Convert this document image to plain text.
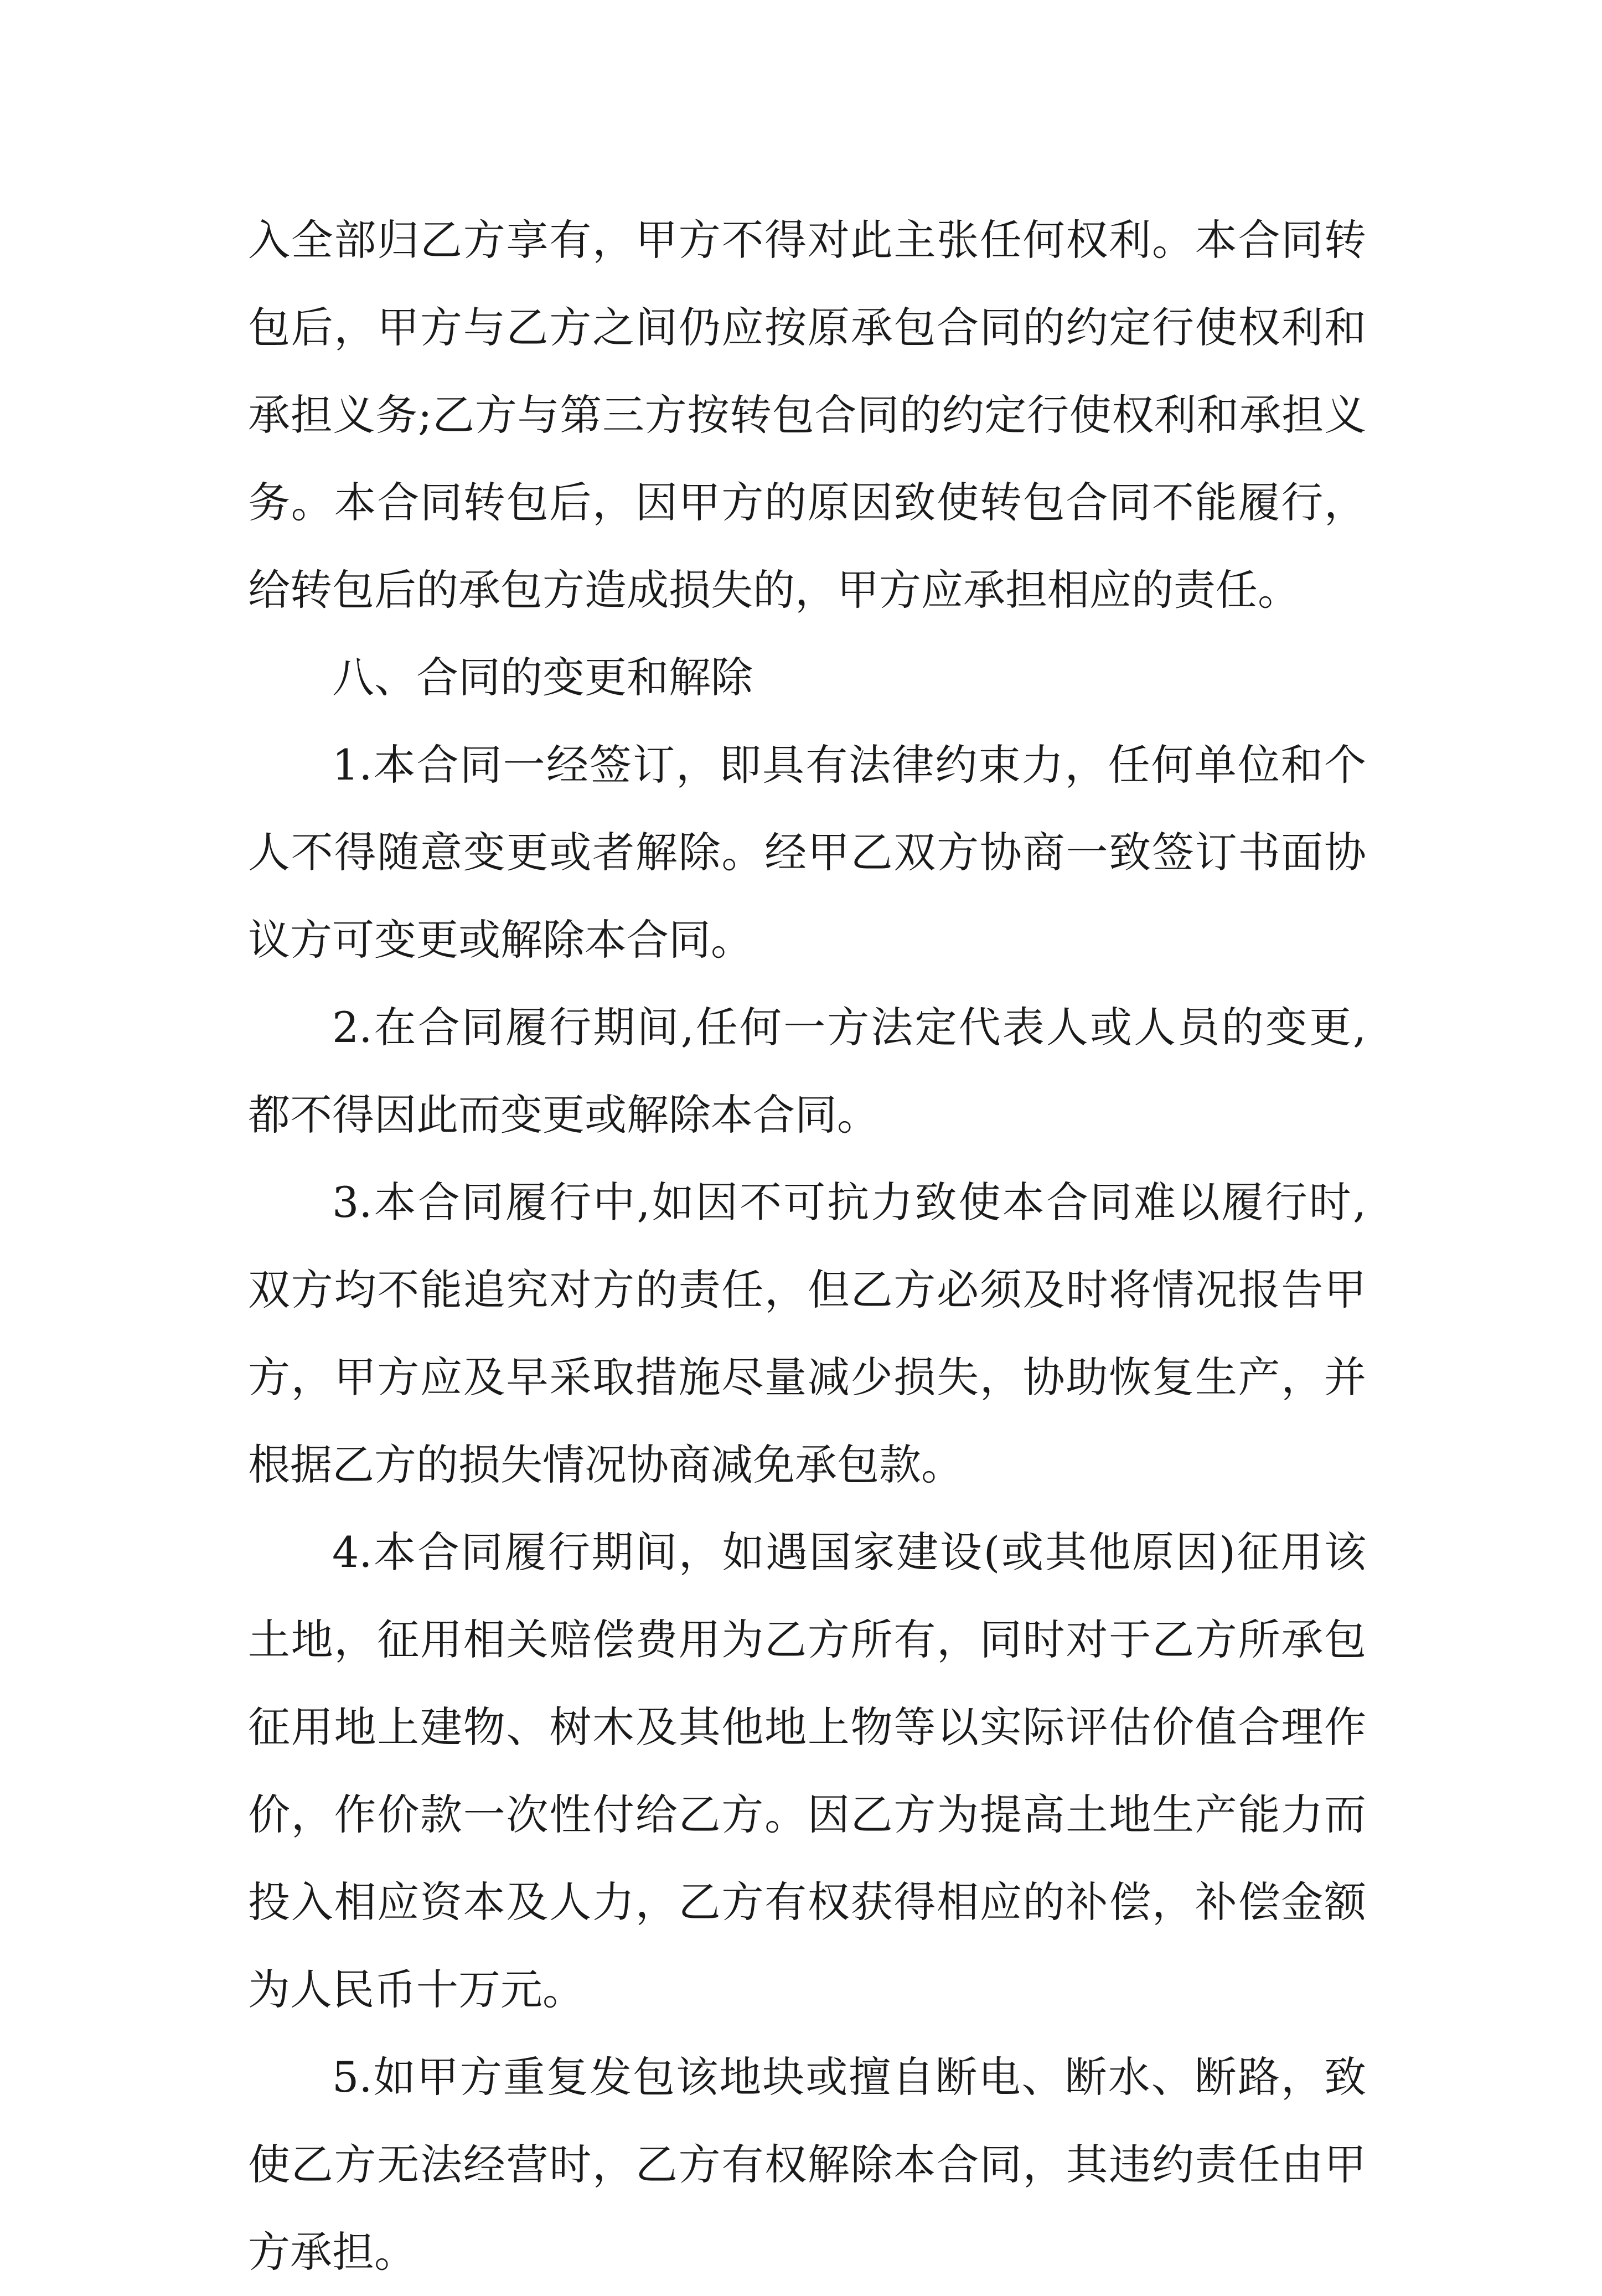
入全部归乙方享有，甲方不得对此主张任何权利。本合同转包后，甲方与乙方之间仍应按原承包合同的约定行使权利和承担义务;乙方与第三方按转包合同的约定行使权利和承担义务。本合同转包后，因甲方的原因致使转包合同不能履行，给转包后的承包方造成损失的，甲方应承担相应的责任。

八、合同的变更和解除

1.本合同一经签订，即具有法律约束力，任何单位和个人不得随意变更或者解除。经甲乙双方协商一致签订书面协议方可变更或解除本合同。

2.在合同履行期间,任何一方法定代表人或人员的变更,都不得因此而变更或解除本合同。

3.本合同履行中,如因不可抗力致使本合同难以履行时,双方均不能追究对方的责任，但乙方必须及时将情况报告甲方，甲方应及早采取措施尽量减少损失，协助恢复生产，并根据乙方的损失情况协商减免承包款。

4.本合同履行期间，如遇国家建设(或其他原因)征用该土地，征用相关赔偿费用为乙方所有，同时对于乙方所承包征用地上建物、树木及其他地上物等以实际评估价值合理作价，作价款一次性付给乙方。因乙方为提高土地生产能力而投入相应资本及人力，乙方有权获得相应的补偿，补偿金额为人民币十万元。

5.如甲方重复发包该地块或擅自断电、断水、断路，致使乙方无法经营时，乙方有权解除本合同，其违约责任由甲方承担。
